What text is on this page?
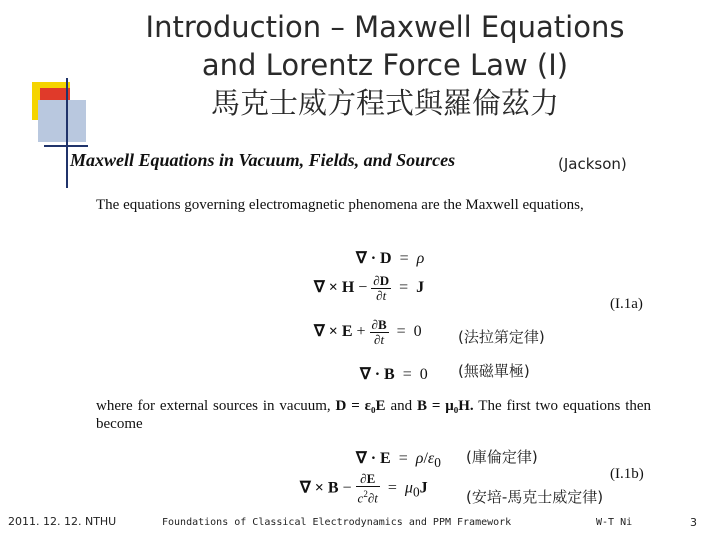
Introduction – Maxwell Equations
and Lorentz Force Law (I)
馬克士威方程式與羅倫茲力
Maxwell Equations in Vacuum, Fields, and Sources	(Jackson)
The equations governing electromagnetic phenomena are the Maxwell equations,
∇ · D  =  ρ
∇ × $H - \frac{\partial D}{\partial t} = J$
(I.1a)
∇ × $E + \frac{\partial B}{\partial t} = 0$ (法拉第定律)
∇ · B  =  0 (無磁單極)
where for external sources in vacuum, D = ε₀E and B = μ₀H. The first two equations then become
∇ · $E = \rho/\varepsilon_0$ (庫倫定律)
(I.1b)
∇ × $B - \frac{\partial E}{c^2\partial t} = \mu_0J$
(安培-馬克士威定律)
2011. 12. 12. NTHU	Foundations of Classical Electrodynamics and PPM Framework	W-T Ni	3
